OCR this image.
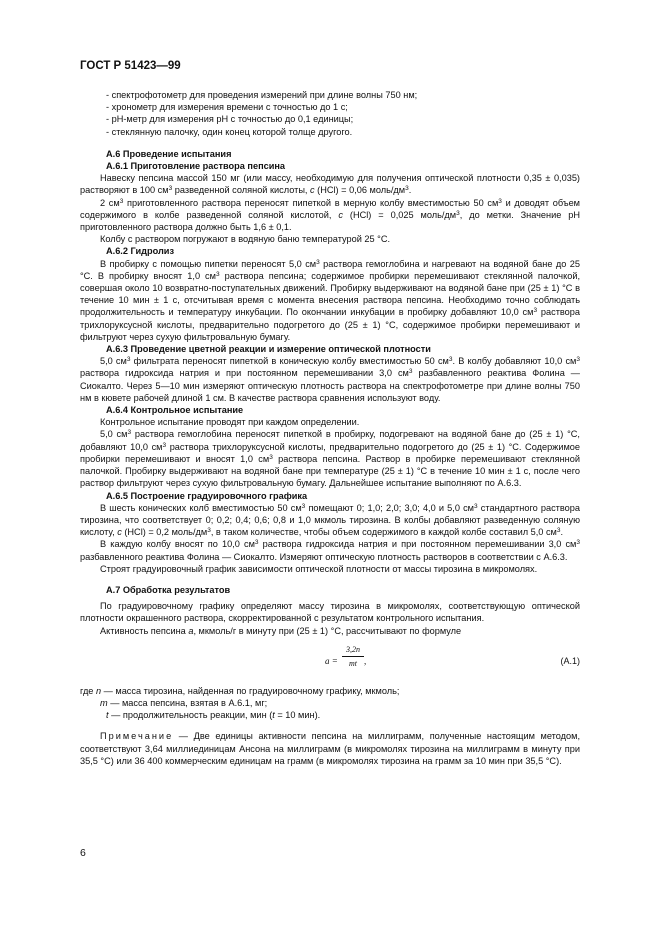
ГОСТ Р 51423—99
- спектрофотометр для проведения измерений при длине волны 750 нм;
- хронометр для измерения времени с точностью до 1 с;
- рН-метр для измерения рН с точностью до 0,1 единицы;
- стеклянную палочку, один конец которой толще другого.
А.6 Проведение испытания
А.6.1 Приготовление раствора пепсина

Навеску пепсина массой 150 мг (или массу, необходимую для получения оптической плотности 0,35 ± 0,035) растворяют в 100 $см^3$ разведенной соляной кислоты, с (HCl) = 0,06 моль/$дм^3$.

2 $см^3$ приготовленного раствора переносят пипеткой в мерную колбу вместимостью 50 $см^3$ и доводят объем содержимого в колбе разведенной соляной кислотой, с (HCl) = 0,025 моль/$дм^3$, до метки. Значение рН приготовленного раствора должно быть 1,6 ± 0,1.

Колбу с раствором погружают в водяную баню температурой 25 °С.

А.6.2 Гидролиз

В пробирку с помощью пипетки переносят 5,0 $см^3$ раствора гемоглобина и нагревают на водяной бане до 25 °С. В пробирку вносят 1,0 $см^3$ раствора пепсина; содержимое пробирки перемешивают стеклянной палочкой, совершая около 10 возвратно-поступательных движений. Пробирку выдерживают на водяной бане при (25 ± 1) °С в течение 10 мин ± 1 с, отсчитывая время с момента внесения раствора пепсина. Необходимо точно соблюдать продолжительность и температуру инкубации. По окончании инкубации в пробирку добавляют 10,0 $см^3$ раствора трихлоруксусной кислоты, предварительно подогретого до (25 ± 1) °С, содержимое пробирки перемешивают и фильтруют через сухую фильтровальную бумагу.

А.6.3 Проведение цветной реакции и измерение оптической плотности

5,0 $см^3$ фильтрата переносят пипеткой в коническую колбу вместимостью 50 $см^3$. В колбу добавляют 10,0 $см^3$ раствора гидроксида натрия и при постоянном перемешивании 3,0 $см^3$ разбавленного реактива Фолина — Сиокалто. Через 5—10 мин измеряют оптическую плотность раствора на спектрофотометре при длине волны 750 нм в кювете рабочей длиной 1 см. В качестве раствора сравнения используют воду.

А.6.4 Контрольное испытание

Контрольное испытание проводят при каждом определении.

5,0 $см^3$ раствора гемоглобина переносят пипеткой в пробирку, подогревают на водяной бане до (25 ± 1) °С, добавляют 10,0 $см^3$ раствора трихлоруксусной кислоты, предварительно подогретого до (25 ± 1) °С. Содержимое пробирки перемешивают и вносят 1,0 $см^3$ раствора пепсина. Раствор в пробирке перемешивают стеклянной палочкой. Пробирку выдерживают на водяной бане при температуре (25 ± 1) °С в течение 10 мин ± 1 с, после чего раствор фильтруют через сухую фильтровальную бумагу. Дальнейшее испытание выполняют по А.6.3.

А.6.5 Построение градуировочного графика

В шесть конических колб вместимостью 50 $см^3$ помещают 0; 1,0; 2,0; 3,0; 4,0 и 5,0 $см^3$ стандартного раствора тирозина, что соответствует 0; 0,2; 0,4; 0,6; 0,8 и 1,0 мкмоль тирозина. В колбы добавляют разведенную соляную кислоту, с (HCl) = 0,2 моль/$дм^3$, в таком количестве, чтобы объем содержимого в каждой колбе составил 5,0 $см^3$.

В каждую колбу вносят по 10,0 $см^3$ раствора гидроксида натрия и при постоянном перемешивании 3,0 $см^3$ разбавленного реактива Фолина — Сиокалто. Измеряют оптическую плотность растворов в соответствии с А.6.3.

Строят градуировочный график зависимости оптической плотности от массы тирозина в микромолях.

А.7 Обработка результатов

По градуировочному графику определяют массу тирозина в микромолях, соответствующую оптической плотности окрашенного раствора, скорректированной с результатом контрольного испытания.

Активность пепсина а, мкмоль/г в минуту при (25 ± 1) °С, рассчитывают по формуле

$a = \frac{3,2n}{mt}$ ,	(А.1)
где n — масса тирозина, найденная по градуировочному графику, мкмоль;
m — масса пепсина, взятая в А.6.1, мг;
t — продолжительность реакции, мин (t = 10 мин).

Примечание — Две единицы активности пепсина на миллиграмм, полученные настоящим методом, соответствуют 3,64 миллиединицам Ансона на миллиграмм (в микромолях тирозина на миллиграмм в минуту при 35,5 °С) или 36 400 коммерческим единицам на грамм (в микромолях тирозина на грамм за 10 мин при 35,5 °С).

6
